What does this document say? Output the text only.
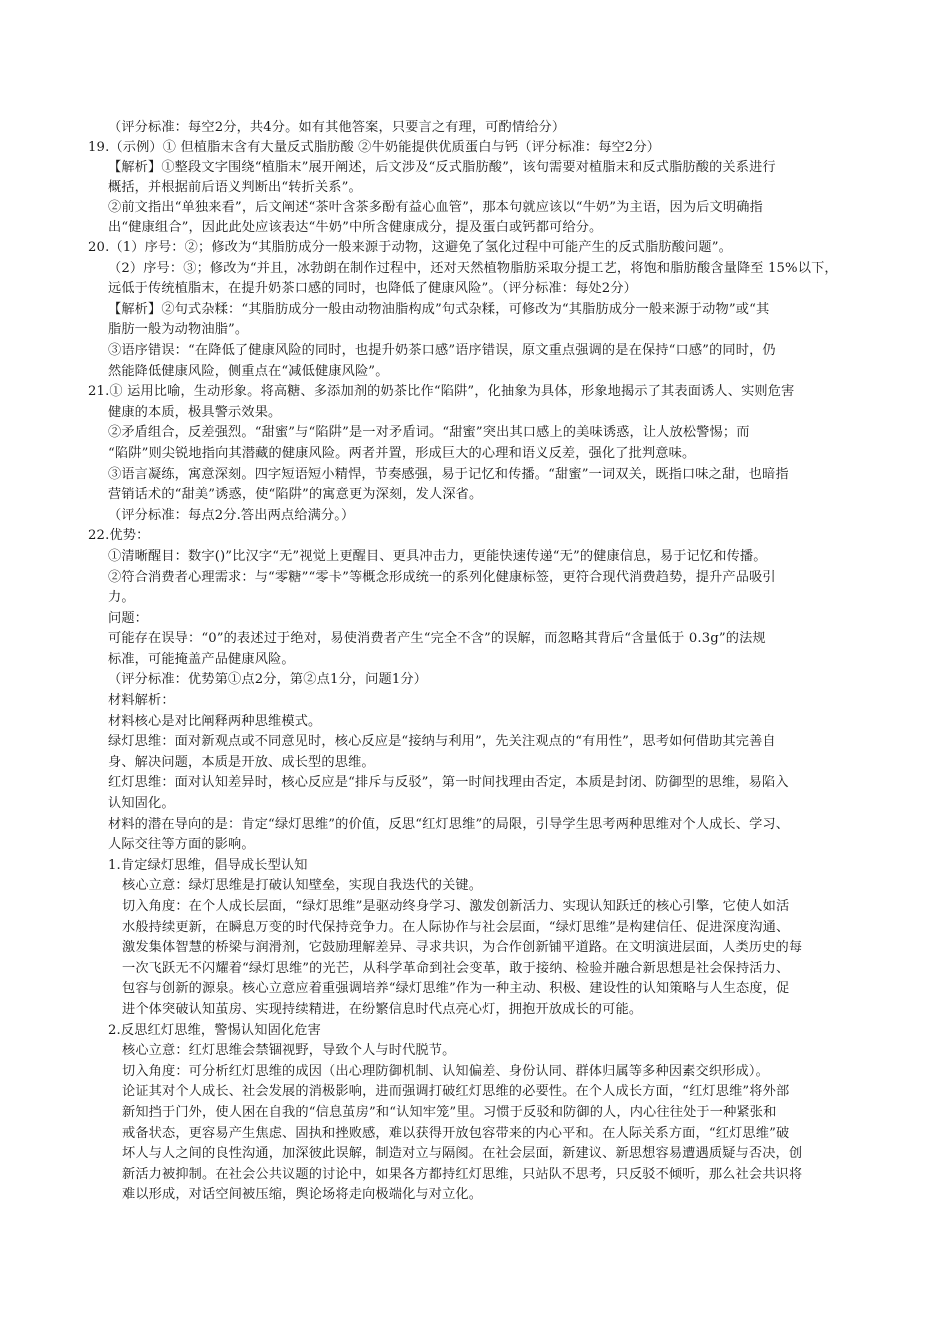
（评分标准：每空2分，共4分。如有其他答案，只要言之有理，可酌情给分）
19.（示例）① 但植脂末含有大量反式脂肪酸 ②牛奶能提供优质蛋白与钙（评分标准：每空2分）
【解析】①整段文字围绕“植脂末”展开阐述，后文涉及“反式脂肪酸”，该句需要对植脂末和反式脂肪酸的关系进行
概括，并根据前后语义判断出“转折关系”。
②前文指出“单独来看”，后文阐述“茶叶含茶多酚有益心血管”，那本句就应该以“牛奶”为主语，因为后文明确指
出“健康组合”，因此此处应该表达“牛奶”中所含健康成分，提及蛋白或钙都可给分。
20.（1）序号：②；修改为“其脂肪成分一般来源于动物，这避免了氢化过程中可能产生的反式脂肪酸问题”。
（2）序号：③；修改为“并且，冰勃朗在制作过程中，还对天然植物脂肪采取分提工艺，将饱和脂肪酸含量降至 15%以下，
远低于传统植脂末，在提升奶茶口感的同时，也降低了健康风险”。（评分标准：每处2分）
【解析】②句式杂糅：“其脂肪成分一般由动物油脂构成”句式杂糅，可修改为“其脂肪成分一般来源于动物”或“其
脂肪一般为动物油脂”。
③语序错误：“在降低了健康风险的同时，也提升奶茶口感”语序错误，原文重点强调的是在保持“口感”的同时，仍
然能降低健康风险，侧重点在“减低健康风险”。
21.① 运用比喻，生动形象。将高糖、多添加剂的奶茶比作“陷阱”，化抽象为具体，形象地揭示了其表面诱人、实则危害
健康的本质，极具警示效果。
②矛盾组合，反差强烈。“甜蜜”与“陷阱”是一对矛盾词。“甜蜜”突出其口感上的美味诱惑，让人放松警惕；而
“陷阱”则尖锐地指向其潜藏的健康风险。两者并置，形成巨大的心理和语义反差，强化了批判意味。
③语言凝练，寓意深刻。四字短语短小精悍，节奏感强，易于记忆和传播。“甜蜜”一词双关，既指口味之甜，也暗指
营销话术的“甜美”诱惑，使“陷阱”的寓意更为深刻，发人深省。
（评分标准：每点2分.答出两点给满分。）
22.优势：
①清晰醒目：数字()”比汉字“无”视觉上更醒目、更具冲击力，更能快速传递“无”的健康信息，易于记忆和传播。
②符合消费者心理需求：与“零糖”“零卡”等概念形成统一的系列化健康标签，更符合现代消费趋势，提升产品吸引
力。
问题：
可能存在误导：“0”的表述过于绝对，易使消费者产生“完全不含”的误解，而忽略其背后“含量低于 0.3g”的法规
标准，可能掩盖产品健康风险。
（评分标准：优势第①点2分，第②点1分，问题1分）
材料解析：
材料核心是对比阐释两种思维模式。
绿灯思维：面对新观点或不同意见时，核心反应是“接纳与利用”，先关注观点的“有用性”，思考如何借助其完善自
身、解决问题，本质是开放、成长型的思维。
红灯思维：面对认知差异时，核心反应是“排斥与反驳”，第一时间找理由否定，本质是封闭、防御型的思维，易陷入
认知固化。
材料的潜在导向的是：肯定“绿灯思维”的价值，反思“红灯思维”的局限，引导学生思考两种思维对个人成长、学习、
人际交往等方面的影响。
1.肯定绿灯思维，倡导成长型认知
核心立意：绿灯思维是打破认知壁垒，实现自我迭代的关键。
切入角度：在个人成长层面，“绿灯思维”是驱动终身学习、激发创新活力、实现认知跃迁的核心引擎，它使人如活
水般持续更新，在瞬息万变的时代保持竞争力。在人际协作与社会层面，“绿灯思维”是构建信任、促进深度沟通、
激发集体智慧的桥梁与润滑剂，它鼓励理解差异、寻求共识，为合作创新铺平道路。在文明演进层面，人类历史的每
一次飞跃无不闪耀着“绿灯思维”的光芒，从科学革命到社会变革，敢于接纳、检验并融合新思想是社会保持活力、
包容与创新的源泉。核心立意应着重强调培养“绿灯思维”作为一种主动、积极、建设性的认知策略与人生态度，促
进个体突破认知茧房、实现持续精进，在纷繁信息时代点亮心灯，拥抱开放成长的可能。
2.反思红灯思维，警惕认知固化危害
核心立意：红灯思维会禁锢视野，导致个人与时代脱节。
切入角度：可分析红灯思维的成因（出心理防御机制、认知偏差、身份认同、群体归属等多种因素交织形成）。
论证其对个人成长、社会发展的消极影响，进而强调打破红灯思维的必要性。在个人成长方面，“红灯思维”将外部
新知挡于门外，使人困在自我的“信息茧房”和“认知牢笼”里。习惯于反驳和防御的人，内心往往处于一种紧张和
戒备状态，更容易产生焦虑、固执和挫败感，难以获得开放包容带来的内心平和。在人际关系方面，“红灯思维”破
坏人与人之间的良性沟通，加深彼此误解，制造对立与隔阂。在社会层面，新建议、新思想容易遭遇质疑与否决，创
新活力被抑制。在社会公共议题的讨论中，如果各方都持红灯思维，只站队不思考，只反驳不倾听，那么社会共识将
难以形成，对话空间被压缩，舆论场将走向极端化与对立化。
